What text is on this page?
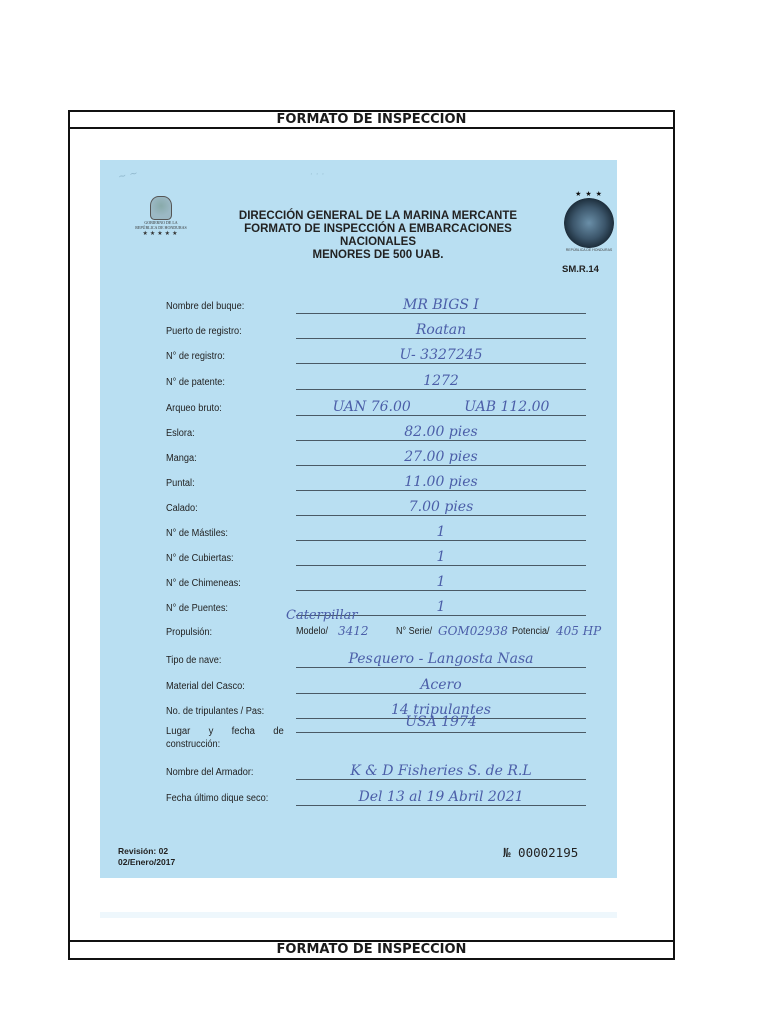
FORMATO DE INSPECCIÓN
FORMATO DE INSPECCIÓN
~ ~	· · ·
GOBIERNO DE LA
REPÚBLICA DE HONDURAS
★★★★★
DIRECCIÓN GENERAL DE LA MARINA MERCANTE
FORMATO DE INSPECCIÓN A EMBARCACIONES NACIONALES
MENORES DE 500 UAB.
★ ★ ★
REPÚBLICA DE HONDURAS
SM.R.14
Nombre del buque:	MR BIGS I
Puerto de registro:	Roatan
N° de registro:	U- 3327245
N° de patente:	1272
Arqueo bruto:	UAN 76.00            UAB 112.00
Eslora:	82.00 pies
Manga:	27.00 pies
Puntal:	11.00 pies
Calado:	7.00 pies
N° de Mástiles:	1
N° de Cubiertas:	1
N° de Chimeneas:	1
N° de Puentes:	1
Propulsión:
Caterpillar
Modelo/ 3412	N° Serie/ GOM02938 Potencia/ 405 HP
Tipo de nave:	Pesquero - Langosta Nasa
Material del Casco:	Acero
No. de tripulantes / Pas:	14 tripulantes
Lugar y fecha de
construcción:
USA 1974
Nombre del Armador:	K & D Fisheries S. de R.L
Fecha último dique seco:	Del 13 al 19 Abril 2021
Revisión: 02
02/Enero/2017
№ 00002195
